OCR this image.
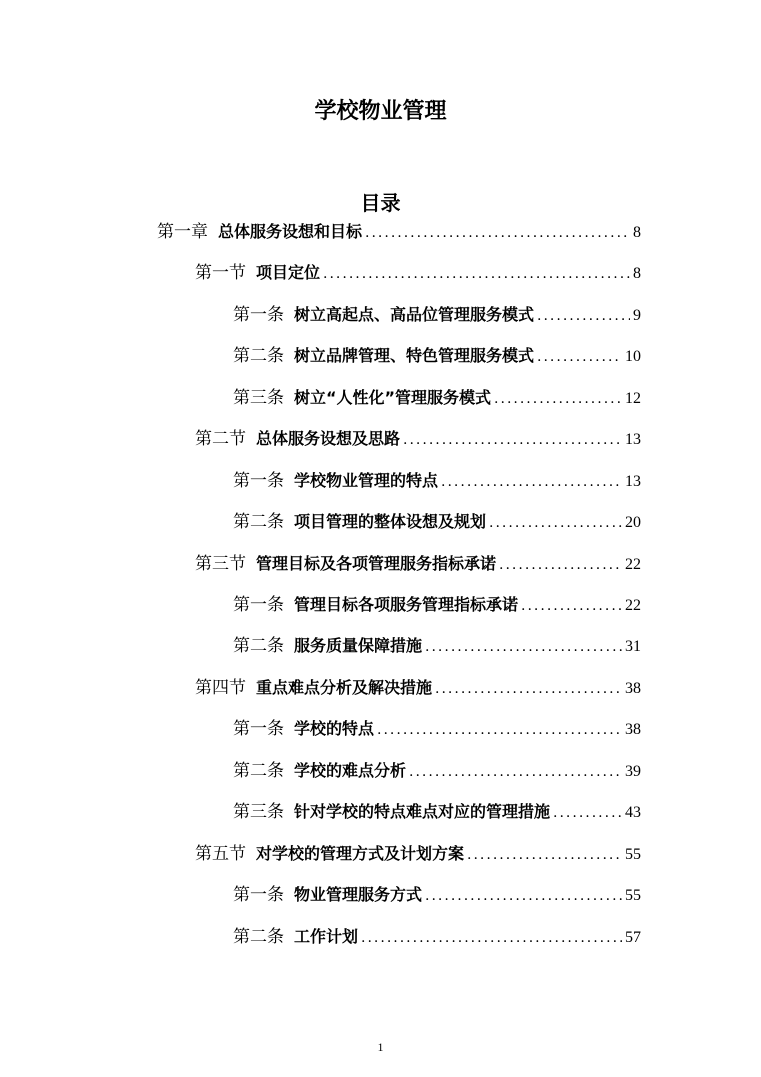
学校物业管理
目录
第一章 总体服务设想和目标 .....	8
第一节 项目定位 .....	8
第一条 树立高起点、高品位管理服务模式 .....	9
第二条 树立品牌管理、特色管理服务模式 .....	10
第三条 树立“人性化”管理服务模式 .....	12
第二节 总体服务设想及思路 .....	13
第一条 学校物业管理的特点 .....	13
第二条 项目管理的整体设想及规划 .....	20
第三节 管理目标及各项管理服务指标承诺 .....	22
第一条 管理目标各项服务管理指标承诺 .....	22
第二条 服务质量保障措施 .....	31
第四节 重点难点分析及解决措施 .....	38
第一条 学校的特点 .....	38
第二条 学校的难点分析 .....	39
第三条 针对学校的特点难点对应的管理措施 .....	43
第五节 对学校的管理方式及计划方案 .....	55
第一条 物业管理服务方式 .....	55
第二条 工作计划 .....	57
1
